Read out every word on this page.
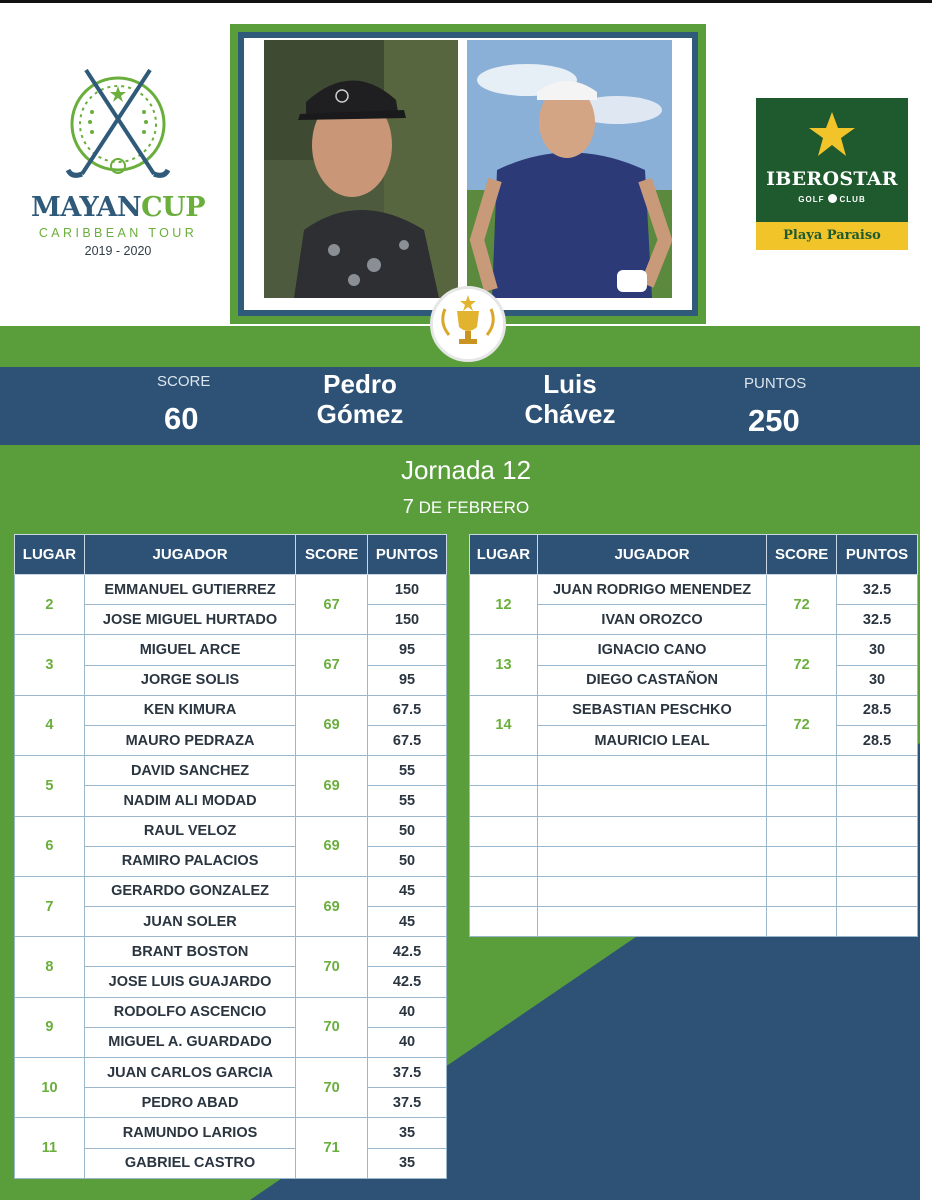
MAYANCUP
CARIBBEAN TOUR
2019 - 2020
IBEROSTAR
GOLF CLUB
Playa Paraiso
SCORE
60
Pedro
Gómez
Luis
Chávez
PUNTOS
250
Jornada 12
7 DE FEBRERO
LUGAR	JUGADOR	SCORE	PUNTOS
2	EMMANUEL GUTIERREZ	67	150
	JOSE MIGUEL HURTADO		150
3	MIGUEL ARCE	67	95
	JORGE SOLIS		95
4	KEN KIMURA	69	67.5
	MAURO PEDRAZA		67.5
5	DAVID SANCHEZ	69	55
	NADIM ALI MODAD		55
6	RAUL VELOZ	69	50
	RAMIRO PALACIOS		50
7	GERARDO GONZALEZ	69	45
	JUAN SOLER		45
8	BRANT BOSTON	70	42.5
	JOSE LUIS GUAJARDO		42.5
9	RODOLFO ASCENCIO	70	40
	MIGUEL A. GUARDADO		40
10	JUAN CARLOS GARCIA	70	37.5
	PEDRO ABAD		37.5
11	RAMUNDO LARIOS	71	35
	GABRIEL CASTRO		35
LUGAR	JUGADOR	SCORE	PUNTOS
12	JUAN RODRIGO MENENDEZ	72	32.5
	IVAN OROZCO		32.5
13	IGNACIO CANO	72	30
	DIEGO CASTAÑON		30
14	SEBASTIAN PESCHKO	72	28.5
	MAURICIO LEAL		28.5
